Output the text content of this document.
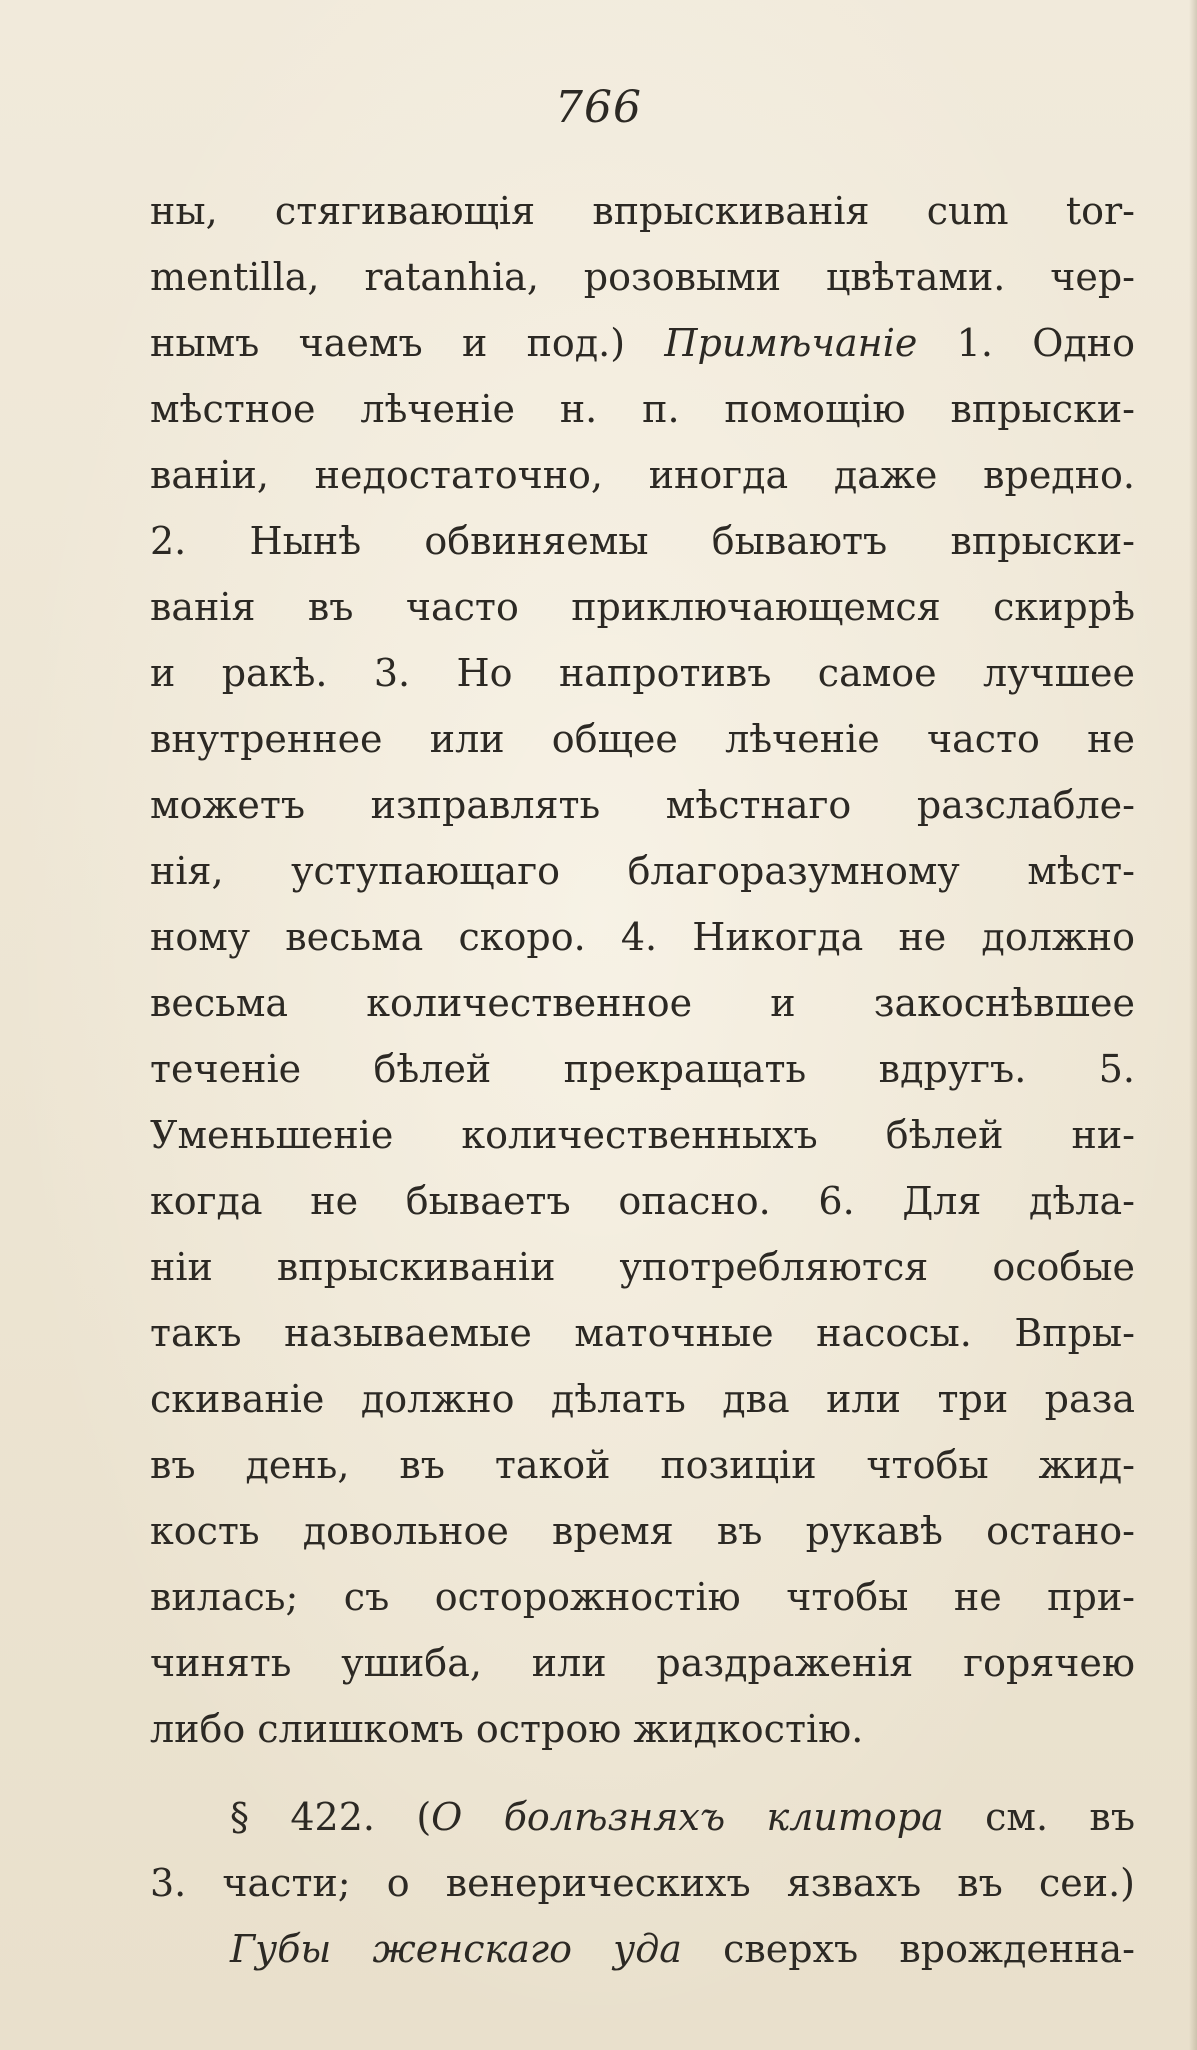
766
ны, стягивающія впрыскиванія cum tor-
mentilla, ratanhia, розовыми цвѣтами. чер-
нымъ чаемъ и под.) Примѣчаніе 1. Одно
мѣстное лѣченіе н. п. помощію впрыски-
ваніи, недостаточно, иногда даже вредно.
2. Нынѣ обвиняемы бываютъ впрыски-
ванія въ часто приключающемся скиррѣ
и ракѣ. 3. Но напротивъ самое лучшее
внутреннее или общее лѣченіе часто не
можетъ изправлять мѣстнаго разслабле-
нія, уступающаго благоразумному мѣст-
ному весьма скоро. 4. Никогда не должно
весьма количественное и закоснѣвшее
теченіе бѣлей прекращать вдругъ. 5.
Уменьшеніе количественныхъ бѣлей ни-
когда не бываетъ опасно. 6. Для дѣла-
ніи впрыскиваніи употребляются особые
такъ называемые маточные насосы. Впры-
скиваніе должно дѣлать два или три раза
въ день, въ такой позиціи чтобы жид-
кость довольное время въ рукавѣ остано-
вилась; съ осторожностію чтобы не при-
чинять ушиба, или раздраженія горячею
либо слишкомъ острою жидкостію.
§ 422. (О болѣзняхъ клитора см. въ
3. части; о венерическихъ язвахъ въ сеи.)
Губы женскаго уда сверхъ врожденна-
